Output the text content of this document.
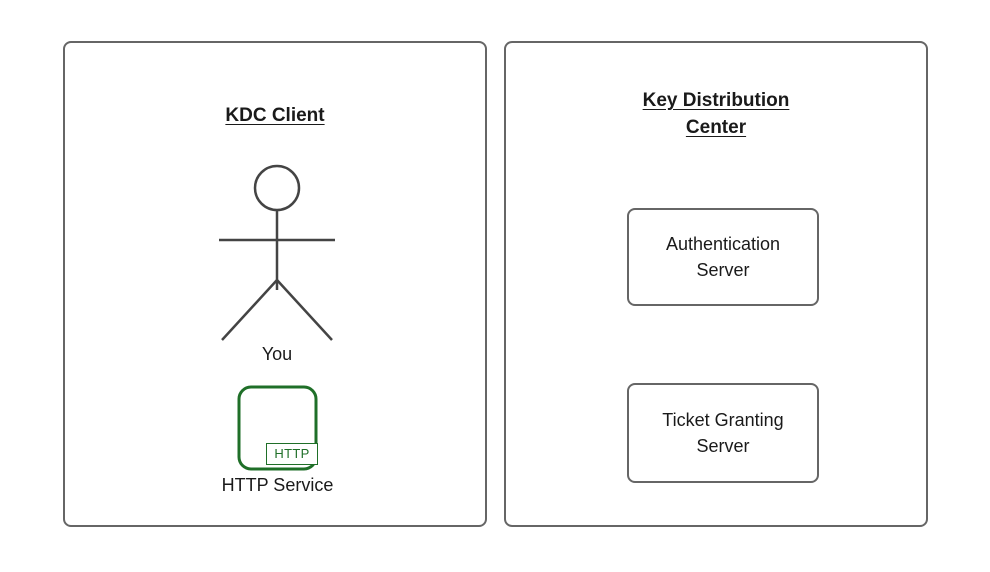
KDC Client
You
HTTP
HTTP Service
Key Distribution
Center
Authentication
Server
Ticket Granting
Server
